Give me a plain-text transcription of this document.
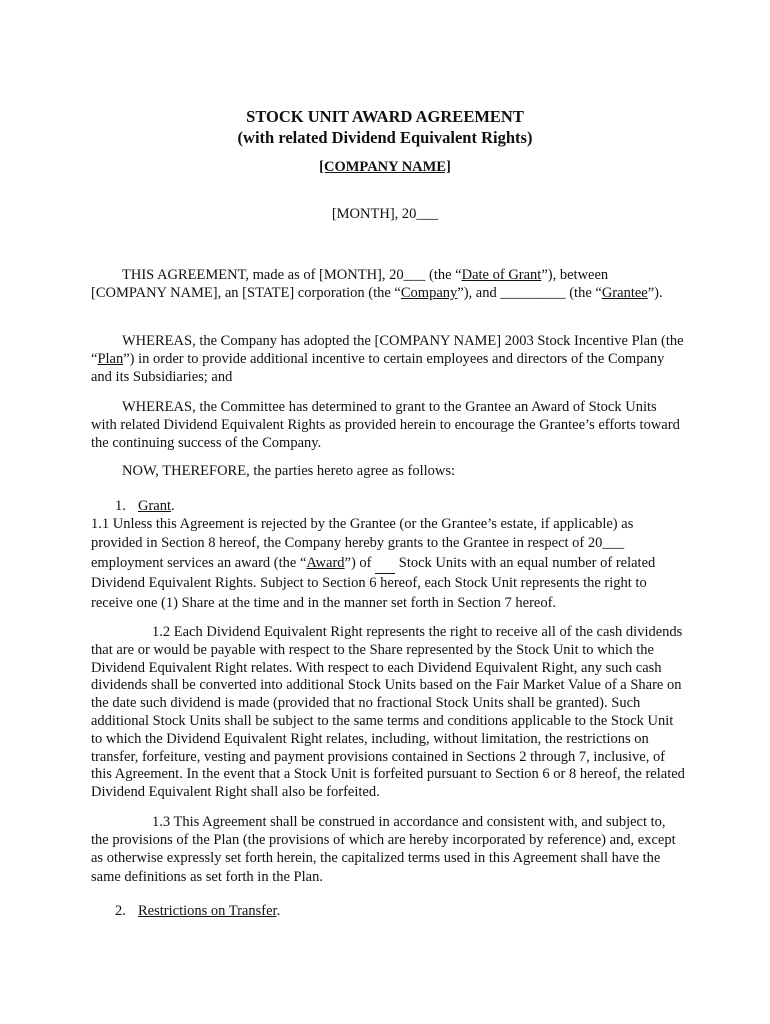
STOCK UNIT AWARD AGREEMENT

(with related Dividend Equivalent Rights)

[COMPANY NAME]
[MONTH], 20___

THIS AGREEMENT, made as of [MONTH], 20___ (the “Date of Grant”), between [COMPANY NAME], an [STATE] corporation (the “Company”), and _________ (the “Grantee”).

WHEREAS, the Company has adopted the [COMPANY NAME] 2003 Stock Incentive Plan (the “Plan”) in order to provide additional incentive to certain employees and directors of the Company and its Subsidiaries; and

WHEREAS, the Committee has determined to grant to the Grantee an Award of Stock Units with related Dividend Equivalent Rights as provided herein to encourage the Grantee’s efforts toward the continuing success of the Company.

NOW, THEREFORE, the parties hereto agree as follows:

1. Grant.

1.1 Unless this Agreement is rejected by the Grantee (or the Grantee’s estate, if applicable) as provided in Section 8 hereof, the Company hereby grants to the Grantee in respect of 20___ employment services an award (the “Award”) of   Stock Units with an equal number of related Dividend Equivalent Rights. Subject to Section 6 hereof, each Stock Unit represents the right to receive one (1) Share at the time and in the manner set forth in Section 7 hereof.

1.2 Each Dividend Equivalent Right represents the right to receive all of the cash dividends that are or would be payable with respect to the Share represented by the Stock Unit to which the Dividend Equivalent Right relates. With respect to each Dividend Equivalent Right, any such cash dividends shall be converted into additional Stock Units based on the Fair Market Value of a Share on the date such dividend is made (provided that no fractional Stock Units shall be granted). Such additional Stock Units shall be subject to the same terms and conditions applicable to the Stock Unit to which the Dividend Equivalent Right relates, including, without limitation, the restrictions on transfer, forfeiture, vesting and payment provisions contained in Sections 2 through 7, inclusive, of this Agreement. In the event that a Stock Unit is forfeited pursuant to Section 6 or 8 hereof, the related Dividend Equivalent Right shall also be forfeited.

1.3 This Agreement shall be construed in accordance and consistent with, and subject to, the provisions of the Plan (the provisions of which are hereby incorporated by reference) and, except as otherwise expressly set forth herein, the capitalized terms used in this Agreement shall have the same definitions as set forth in the Plan.

2. Restrictions on Transfer.
